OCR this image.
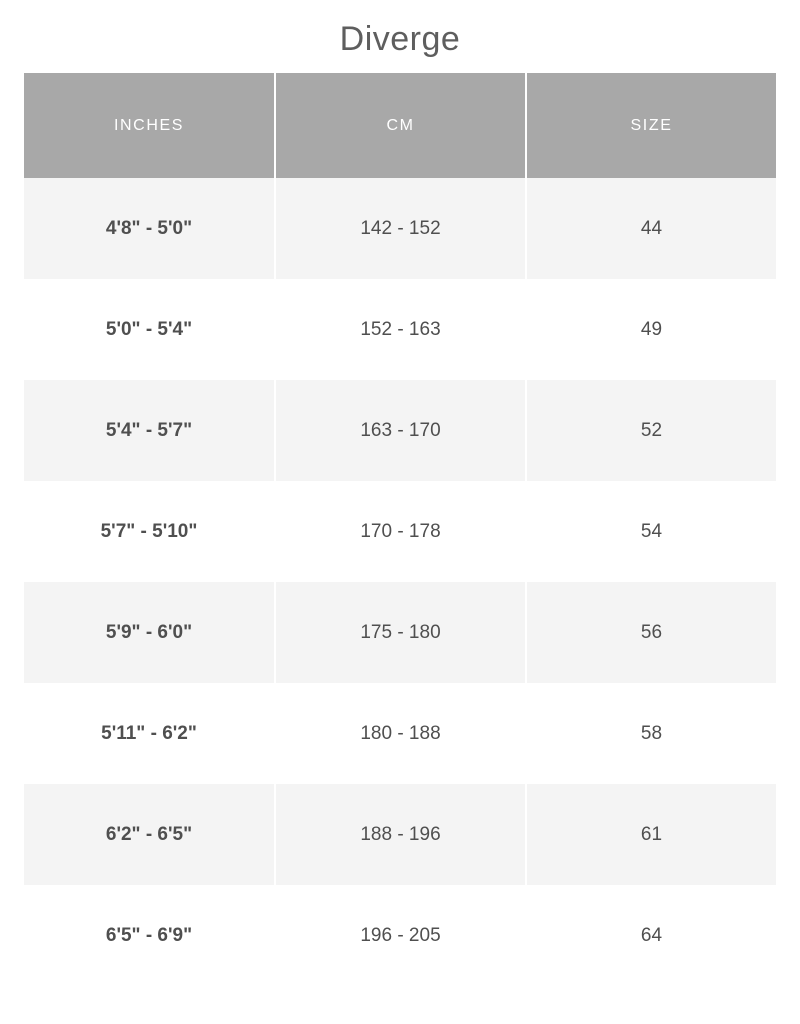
Diverge
INCHES	CM	SIZE
4'8" - 5'0"	142 - 152	44
5'0" - 5'4"	152 - 163	49
5'4" - 5'7"	163 - 170	52
5'7" - 5'10"	170 - 178	54
5'9" - 6'0"	175 - 180	56
5'11" - 6'2"	180 - 188	58
6'2" - 6'5"	188 - 196	61
6'5" - 6'9"	196 - 205	64
